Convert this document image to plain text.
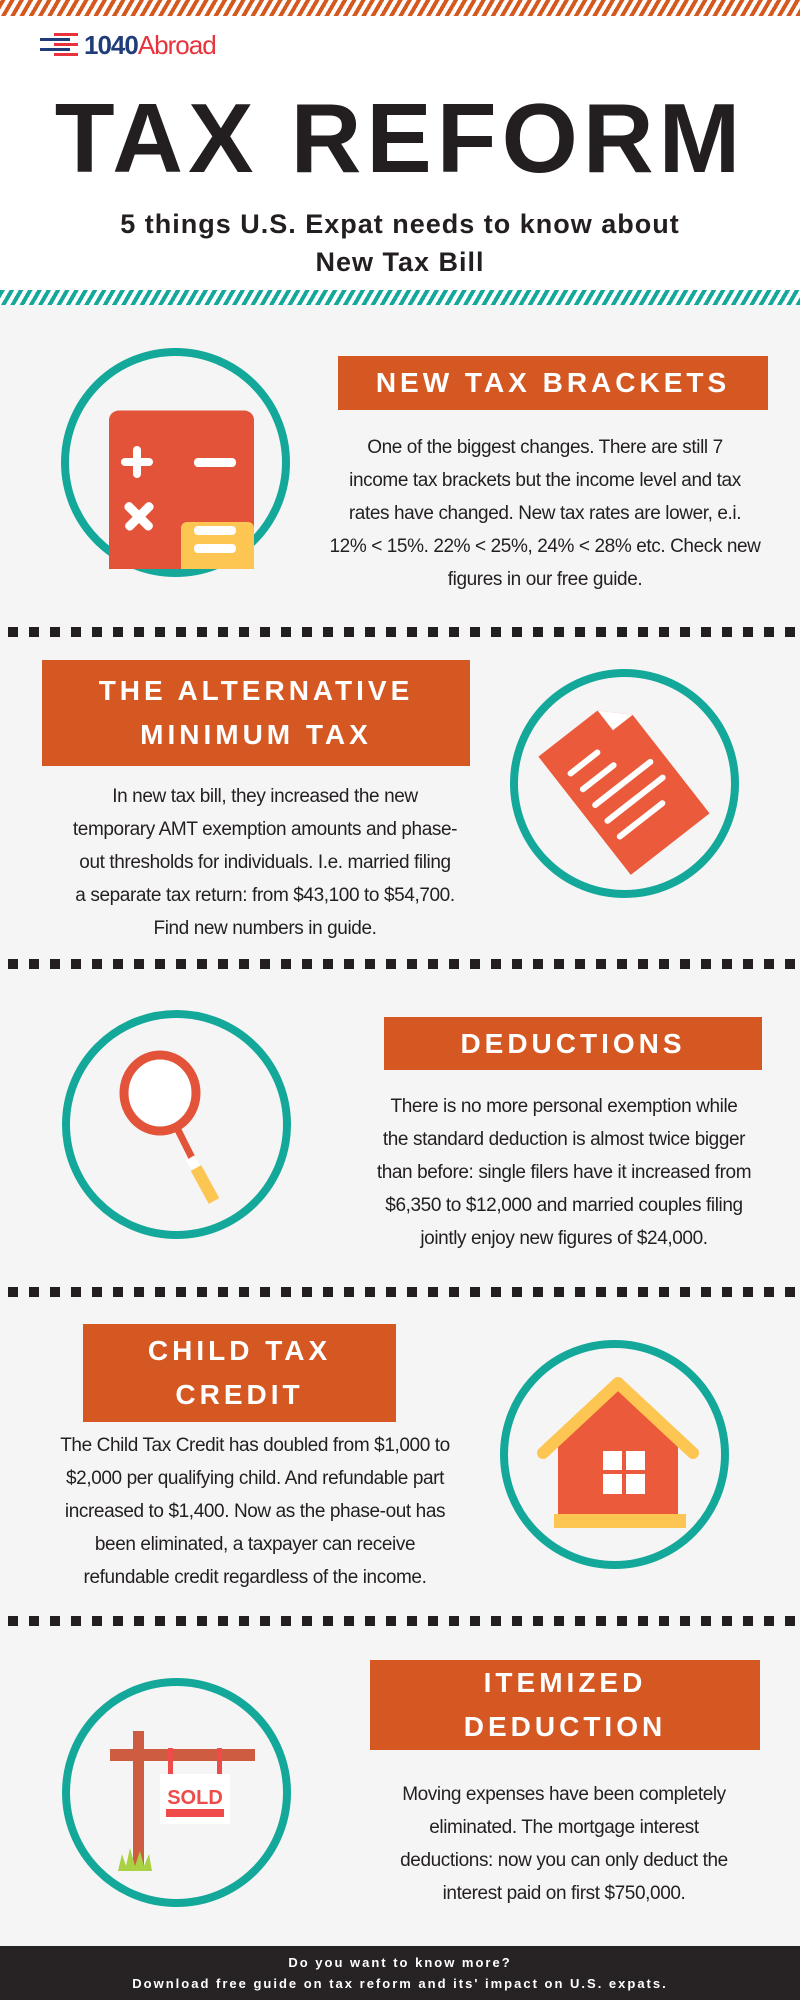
1040 Abroad
TAX REFORM
5 things U.S. Expat needs to know about
New Tax Bill
NEW TAX BRACKETS
One of the biggest changes. There are still 7
income tax brackets but the income level and tax
rates have changed. New tax rates are lower, e.i.
12% < 15%. 22% < 25%, 24% < 28% etc. Check new
figures in our free guide.
THE ALTERNATIVE
MINIMUM TAX
In new tax bill, they increased the new
temporary AMT exemption amounts and phase-
out thresholds for individuals. I.e. married filing
a separate tax return: from $43,100 to $54,700.
Find new numbers in guide.
DEDUCTIONS
There is no more personal exemption while
the standard deduction is almost twice bigger
than before: single filers have it increased from
$6,350 to $12,000 and married couples filing
jointly enjoy new figures of $24,000.
CHILD TAX
CREDIT
The Child Tax Credit has doubled from $1,000 to
$2,000 per qualifying child. And refundable part
increased to $1,400. Now as the phase-out has
been eliminated, a taxpayer can receive
refundable credit regardless of the income.
SOLD
ITEMIZED
DEDUCTION
Moving expenses have been completely
eliminated. The mortgage interest
deductions: now you can only deduct the
interest paid on first $750,000.
Do you want to know more?
Download free guide on tax reform and its' impact on U.S. expats.
